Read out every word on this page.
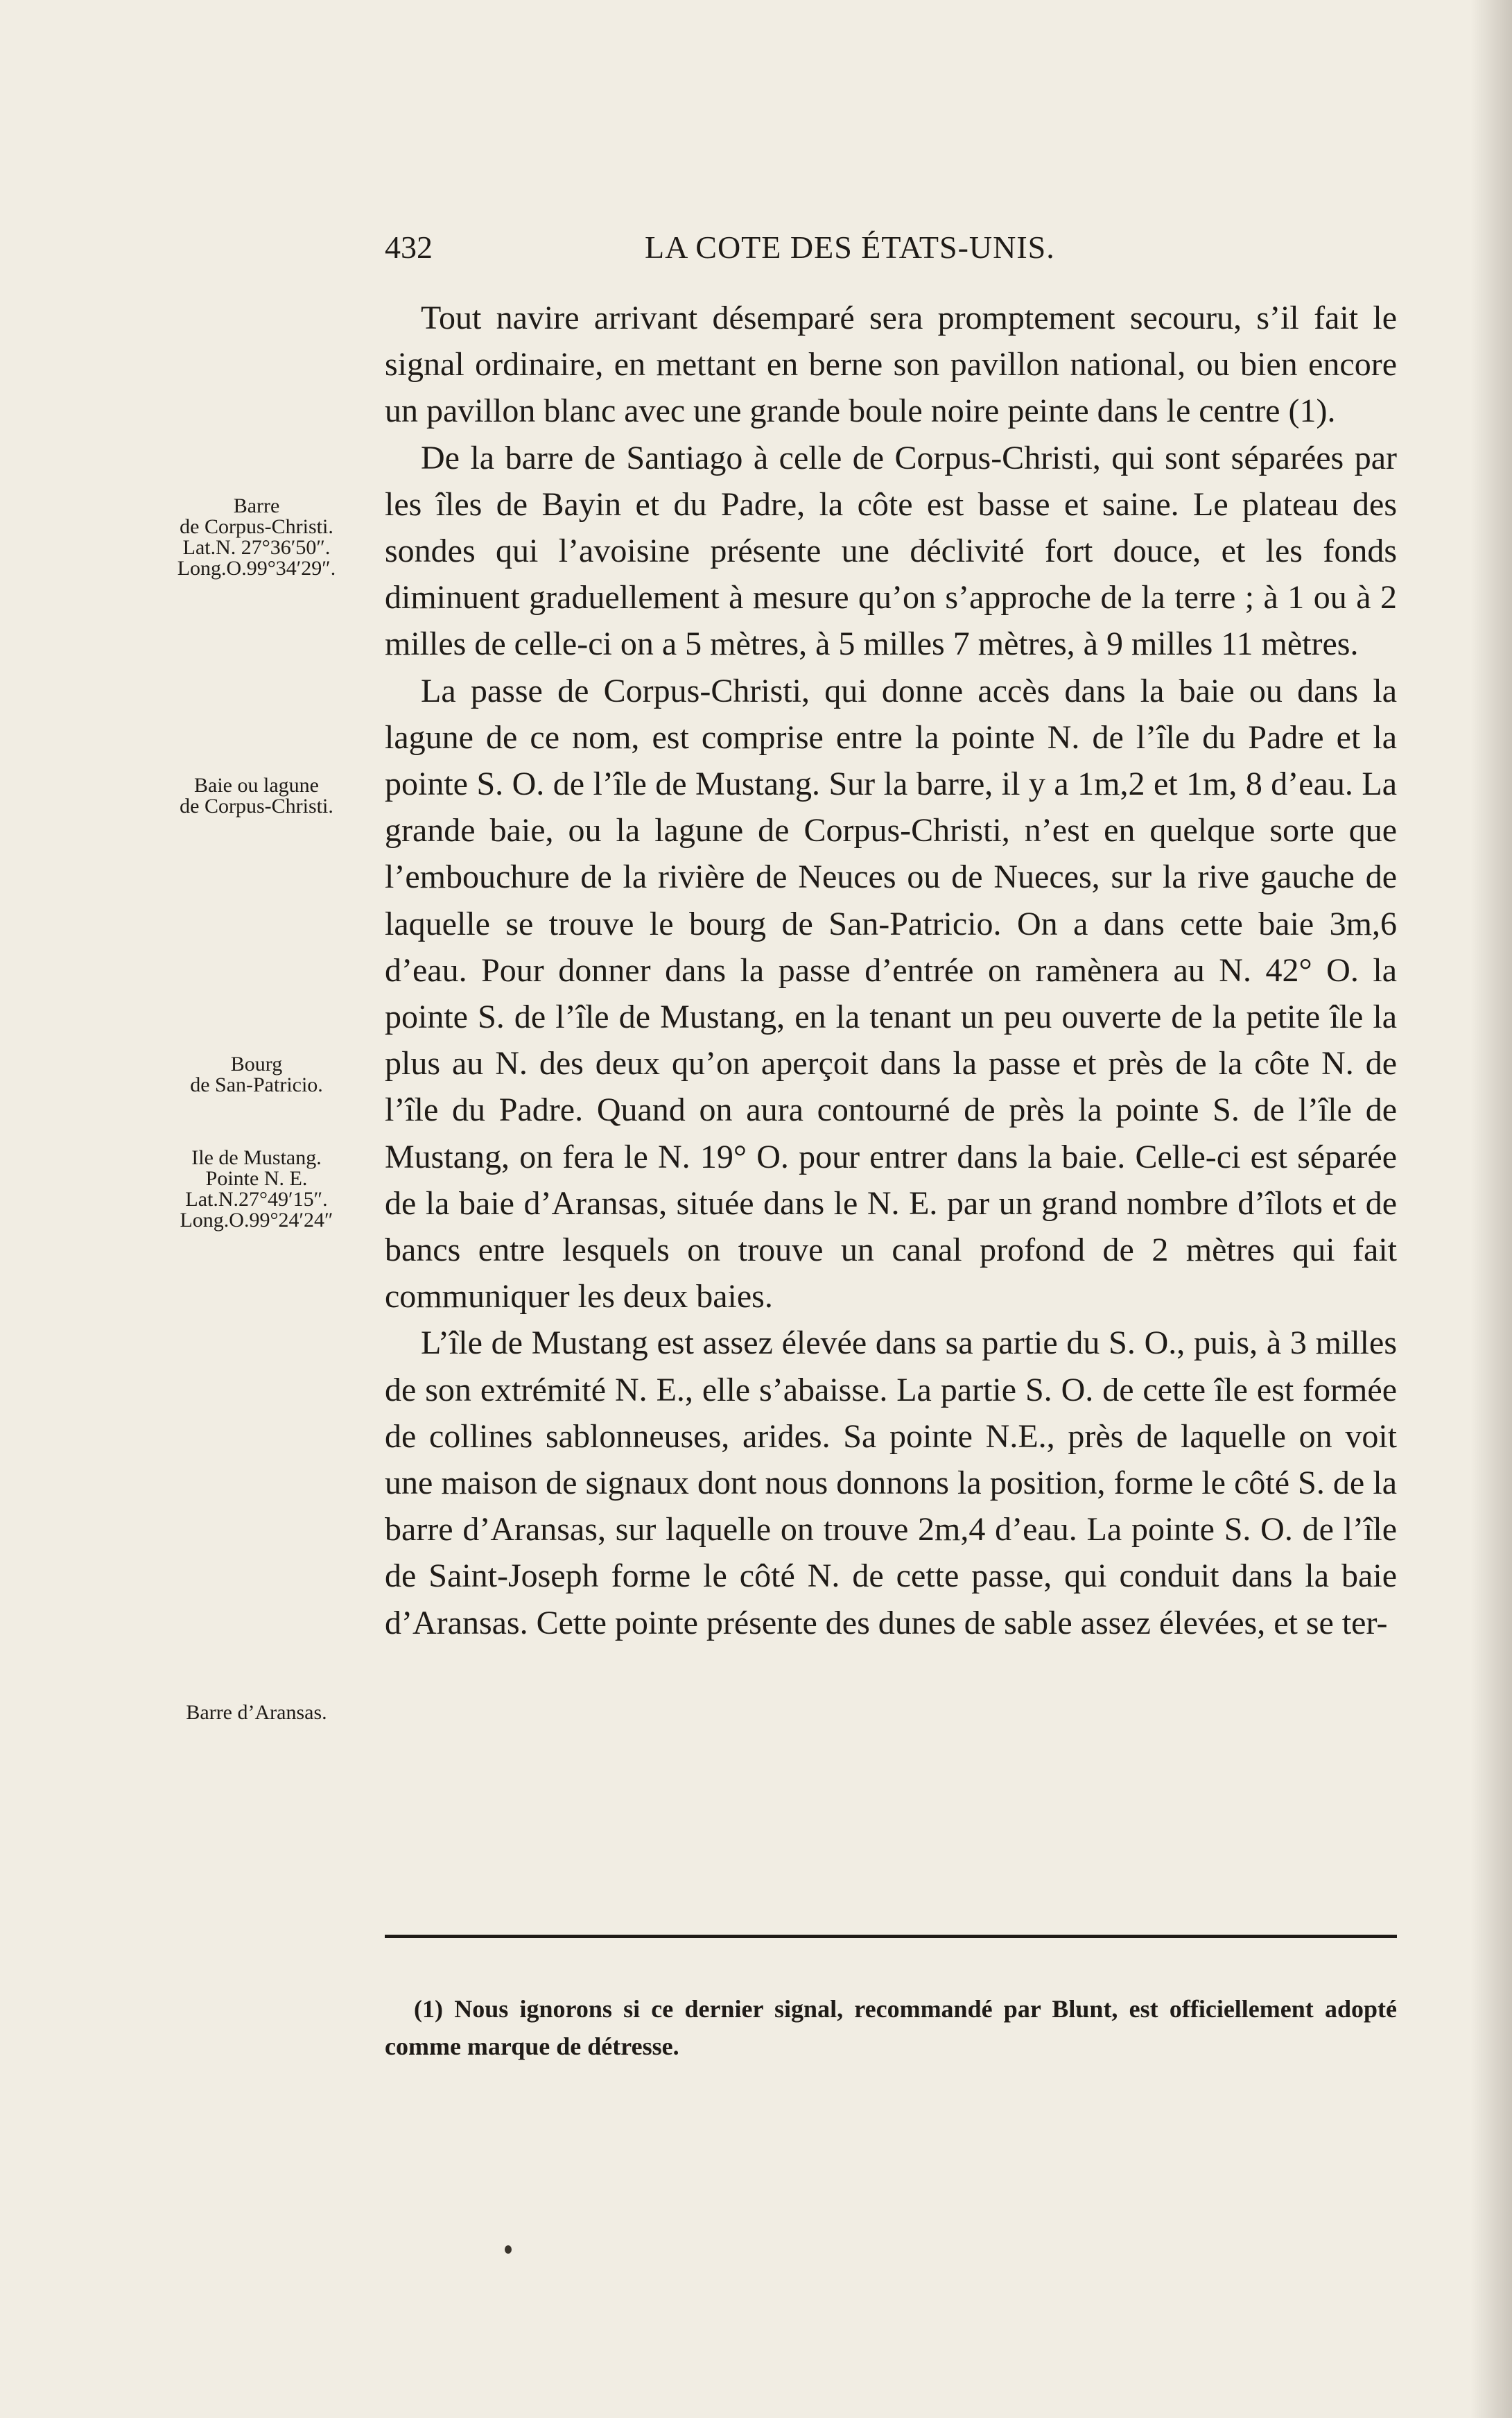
432	LA COTE DES ÉTATS-UNIS.
Barre
de Corpus-Christi.
Lat.N. 27°36′50″.
Long.O.99°34′29″.
Baie ou lagune
de Corpus-Christi.
Bourg
de San-Patricio.
Ile de Mustang.
Pointe N. E.
Lat.N.27°49′15″.
Long.O.99°24′24″
Barre d’Aransas.

Tout navire arrivant désemparé sera promptement secouru, s’il fait le signal ordinaire, en mettant en berne son pavillon national, ou bien encore un pavillon blanc avec une grande boule noire peinte dans le centre (1).

De la barre de Santiago à celle de Corpus-Christi, qui sont séparées par les îles de Bayin et du Padre, la côte est basse et saine. Le plateau des sondes qui l’avoisine présente une déclivité fort douce, et les fonds diminuent graduellement à mesure qu’on s’approche de la terre ; à 1 ou à 2 milles de celle-ci on a 5 mètres, à 5 milles 7 mètres, à 9 milles 11 mètres.

La passe de Corpus-Christi, qui donne accès dans la baie ou dans la lagune de ce nom, est comprise entre la pointe N. de l’île du Padre et la pointe S. O. de l’île de Mustang. Sur la barre, il y a 1m,2 et 1m, 8 d’eau. La grande baie, ou la lagune de Corpus-Christi, n’est en quelque sorte que l’embouchure de la rivière de Neuces ou de Nueces, sur la rive gauche de laquelle se trouve le bourg de San-Patricio. On a dans cette baie 3m,6 d’eau. Pour donner dans la passe d’entrée on ramènera au N. 42° O. la pointe S. de l’île de Mustang, en la tenant un peu ouverte de la petite île la plus au N. des deux qu’on aperçoit dans la passe et près de la côte N. de l’île du Padre. Quand on aura contourné de près la pointe S. de l’île de Mustang, on fera le N. 19° O. pour entrer dans la baie. Celle-ci est séparée de la baie d’Aransas, située dans le N. E. par un grand nombre d’îlots et de bancs entre lesquels on trouve un canal profond de 2 mètres qui fait communiquer les deux baies.

L’île de Mustang est assez élevée dans sa partie du S. O., puis, à 3 milles de son extrémité N. E., elle s’abaisse. La partie S. O. de cette île est formée de collines sablonneuses, arides. Sa pointe N.E., près de laquelle on voit une maison de signaux dont nous donnons la position, forme le côté S. de la barre d’Aransas, sur laquelle on trouve 2m,4 d’eau. La pointe S. O. de l’île de Saint-Joseph forme le côté N. de cette passe, qui conduit dans la baie d’Aransas. Cette pointe présente des dunes de sable assez élevées, et se ter-

(1) Nous ignorons si ce dernier signal, recommandé par Blunt, est officiellement adopté comme marque de détresse.
